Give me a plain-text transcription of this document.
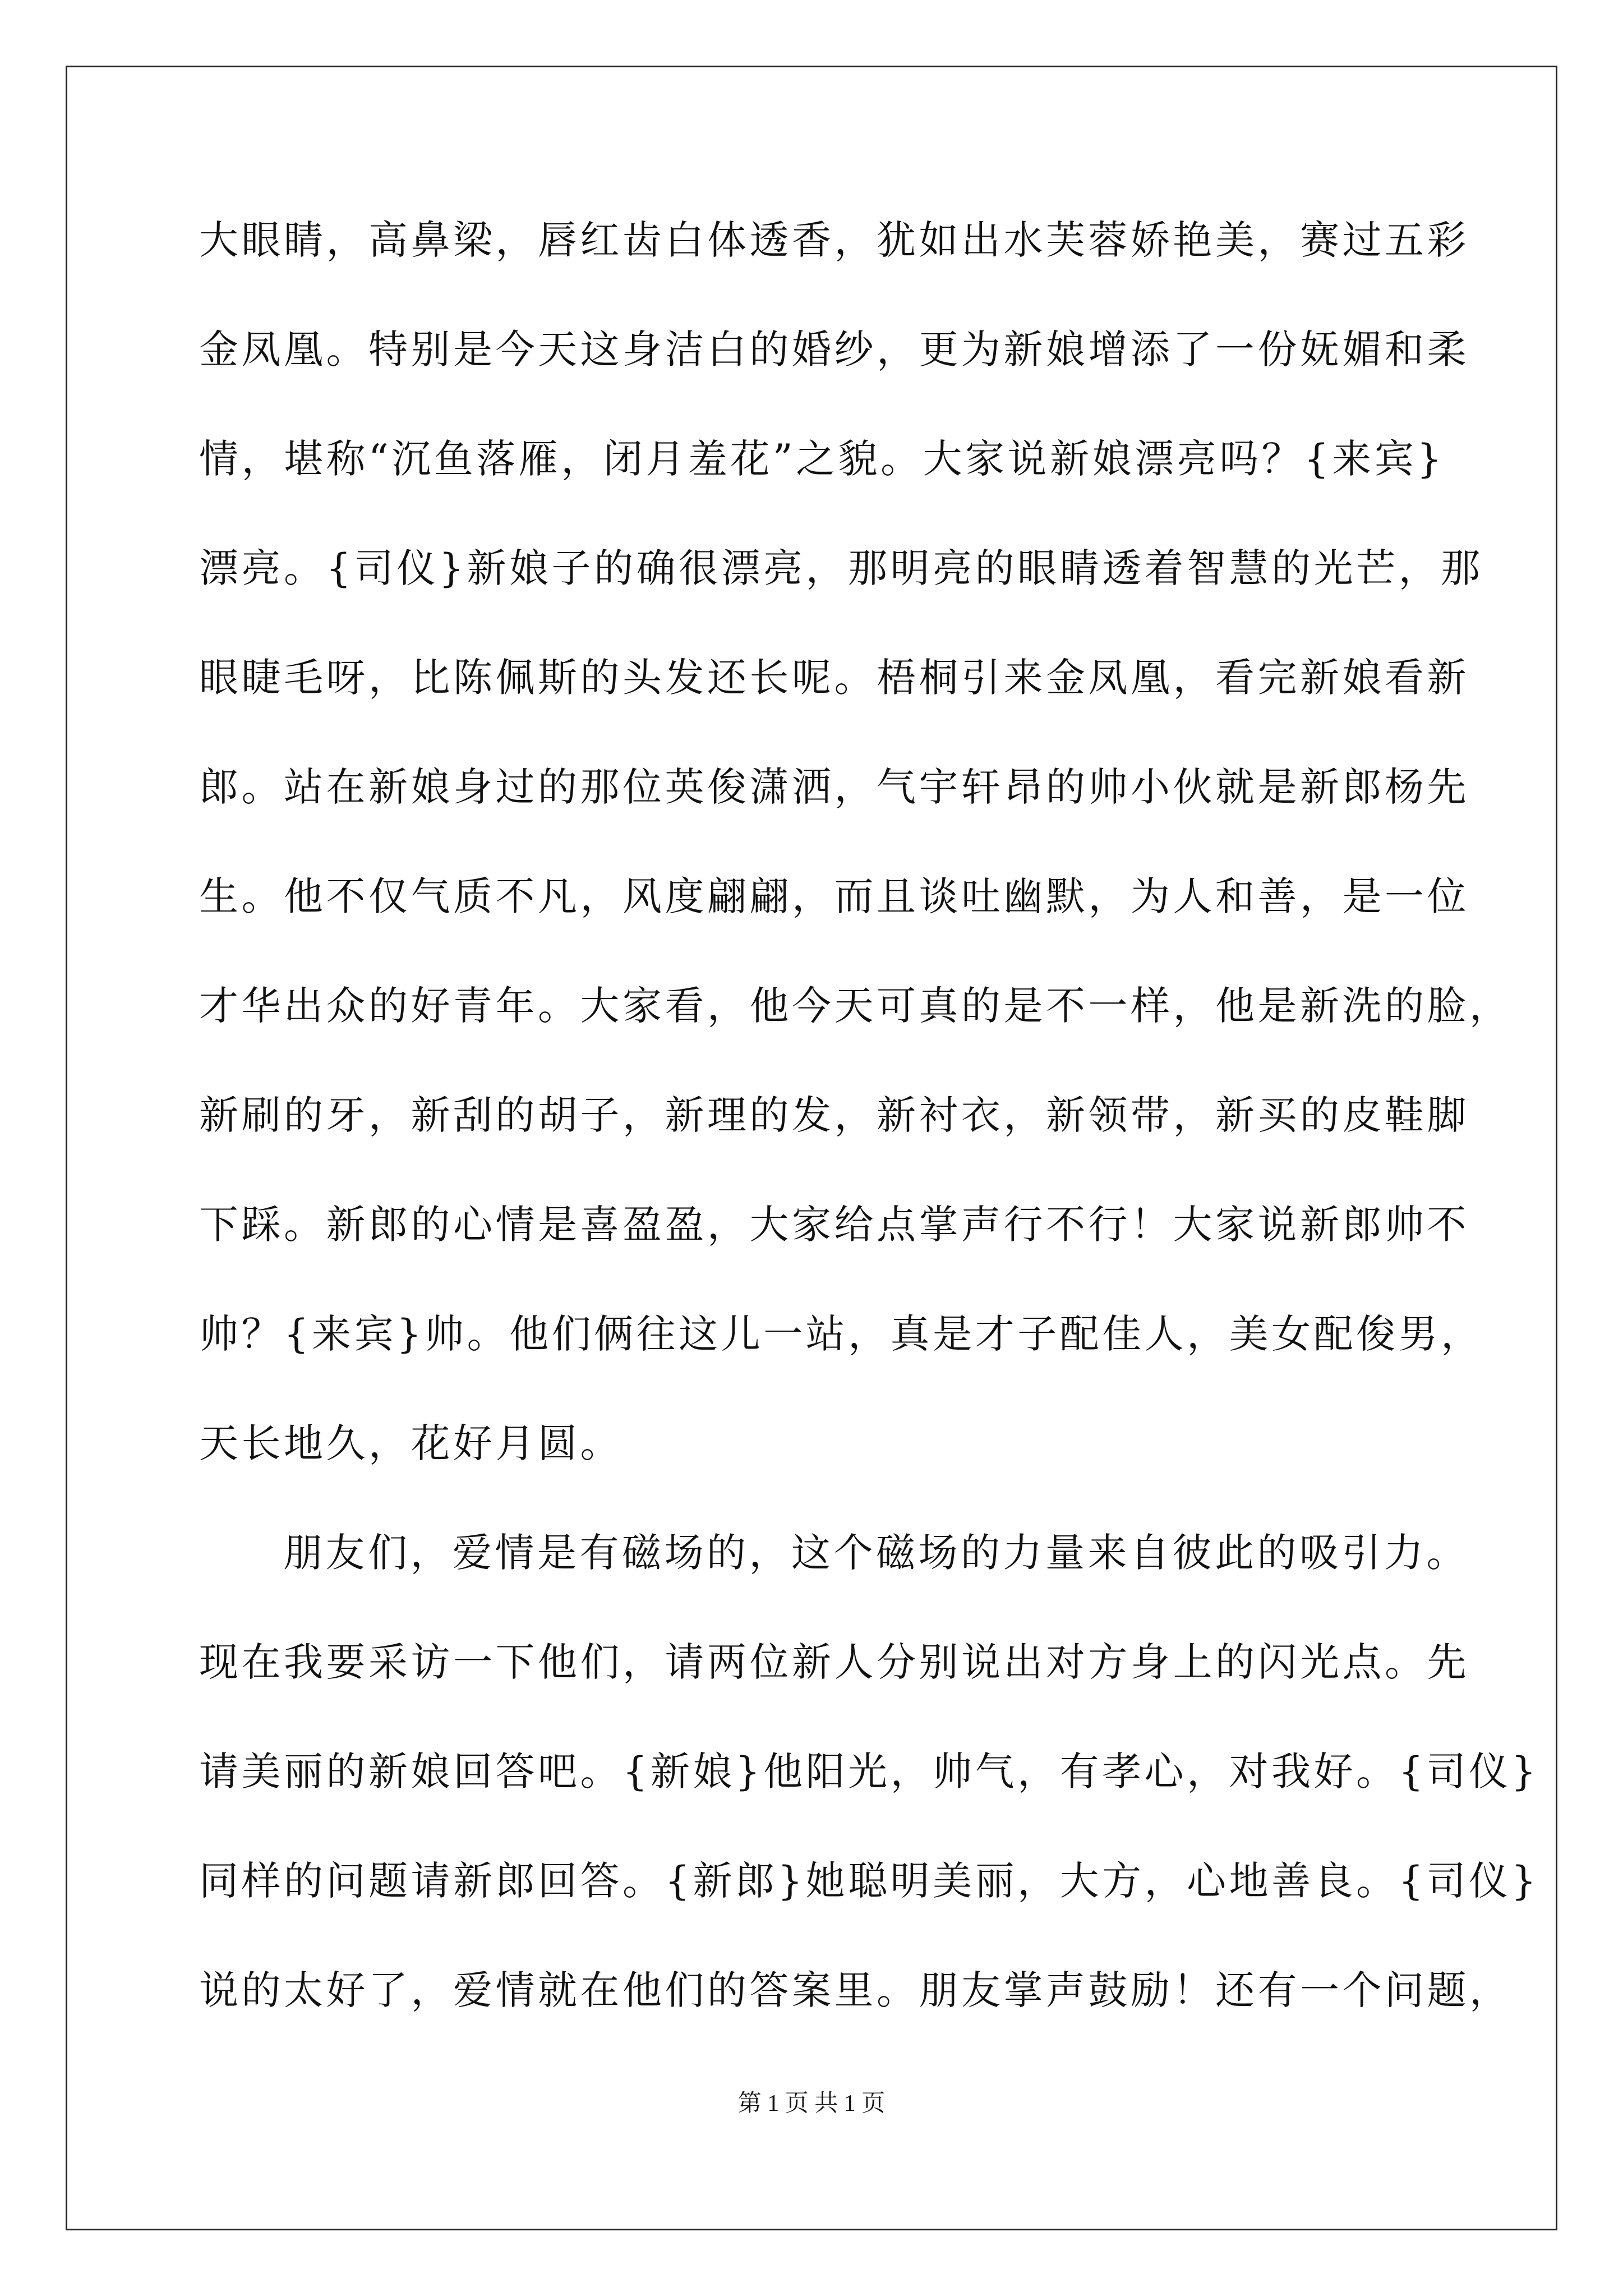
大眼睛，高鼻梁，唇红齿白体透香，犹如出水芙蓉娇艳美，赛过五彩
金凤凰。特别是今天这身洁白的婚纱，更为新娘增添了一份妩媚和柔
情，堪称“沉鱼落雁，闭月羞花”之貌。大家说新娘漂亮吗？{来宾}
漂亮。{司仪}新娘子的确很漂亮，那明亮的眼睛透着智慧的光芒，那
眼睫毛呀，比陈佩斯的头发还长呢。梧桐引来金凤凰，看完新娘看新
郎。站在新娘身过的那位英俊潇洒，气宇轩昂的帅小伙就是新郎杨先
生。他不仅气质不凡，风度翩翩，而且谈吐幽默，为人和善，是一位
才华出众的好青年。大家看，他今天可真的是不一样，他是新洗的脸，
新刷的牙，新刮的胡子，新理的发，新衬衣，新领带，新买的皮鞋脚
下踩。新郎的心情是喜盈盈，大家给点掌声行不行！大家说新郎帅不
帅？{来宾}帅。他们俩往这儿一站，真是才子配佳人，美女配俊男，
天长地久，花好月圆。
朋友们，爱情是有磁场的，这个磁场的力量来自彼此的吸引力。
现在我要采访一下他们，请两位新人分别说出对方身上的闪光点。先
请美丽的新娘回答吧。{新娘}他阳光，帅气，有孝心，对我好。{司仪}
同样的问题请新郎回答。{新郎}她聪明美丽，大方，心地善良。{司仪}
说的太好了，爱情就在他们的答案里。朋友掌声鼓励！还有一个问题，
第 1 页 共 1 页
